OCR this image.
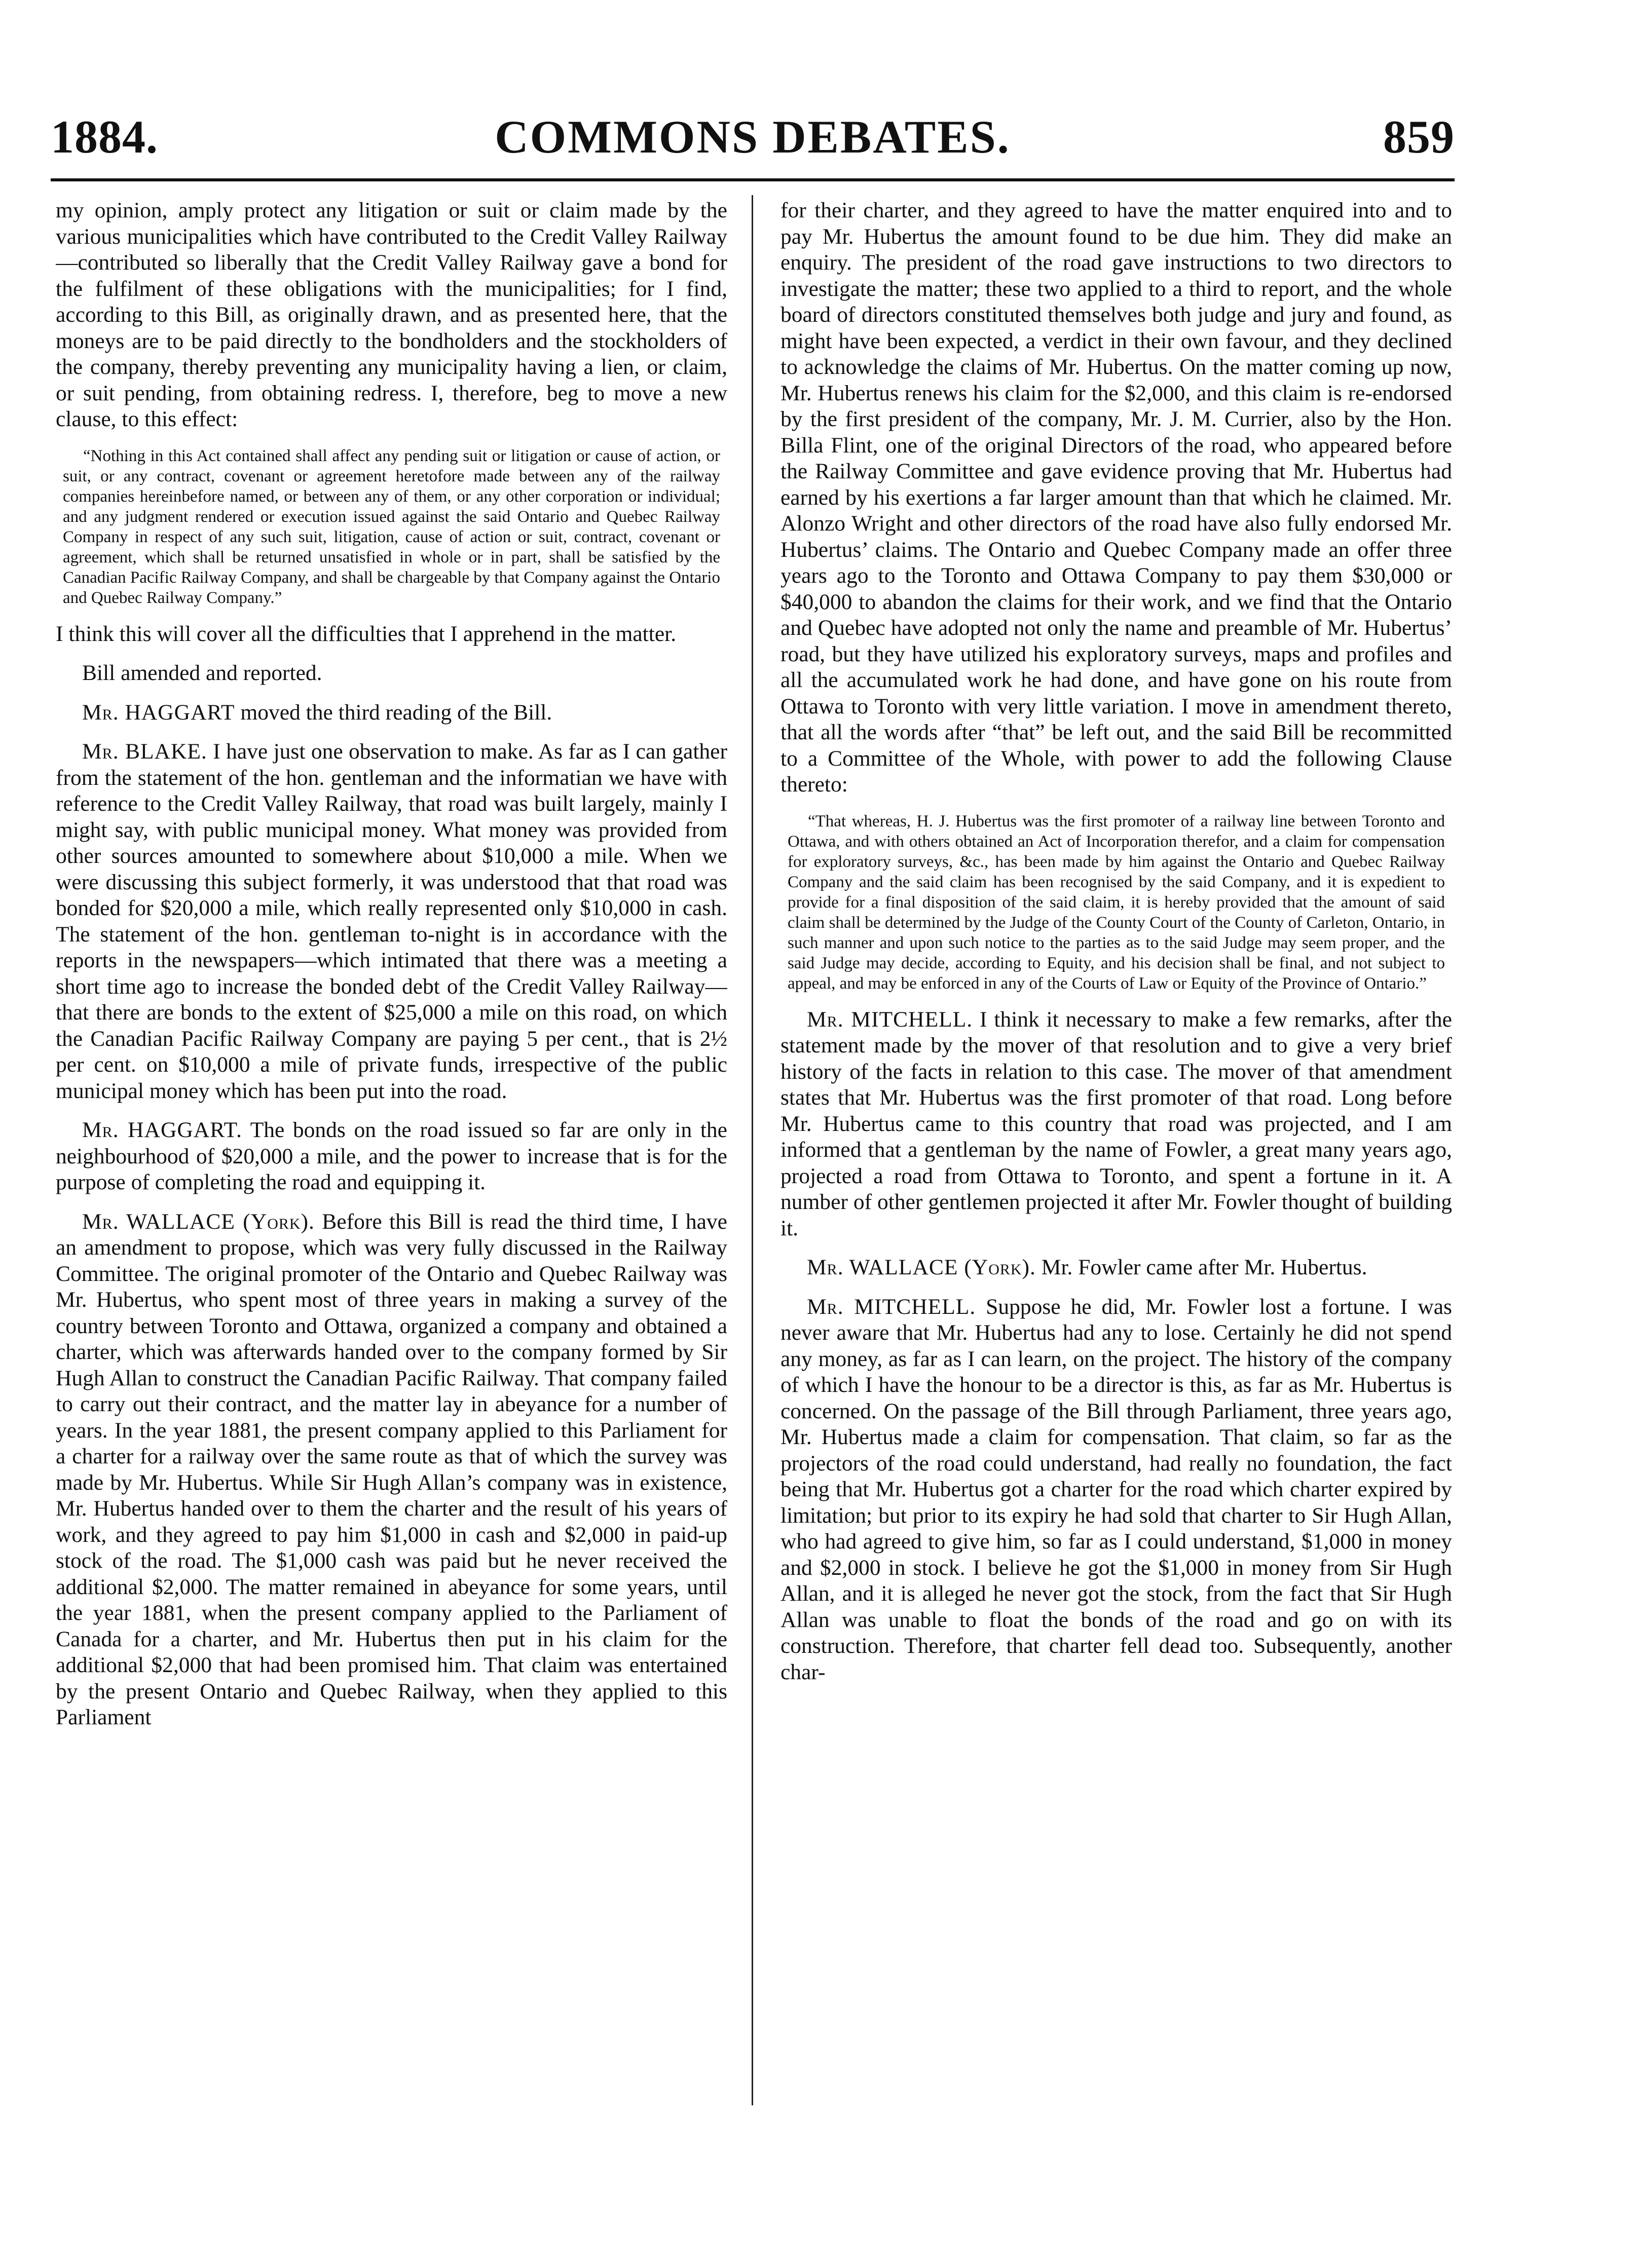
COMMONS DEBATES.
1884.	859

my opinion, amply protect any litigation or suit or claim made by the various municipalities which have contributed to the Credit Valley Railway—contributed so liberally that the Credit Valley Railway gave a bond for the fulfilment of these obligations with the municipalities; for I find, according to this Bill, as originally drawn, and as presented here, that the moneys are to be paid directly to the bondholders and the stockholders of the company, thereby preventing any municipality having a lien, or claim, or suit pending, from obtaining redress. I, therefore, beg to move a new clause, to this effect:

“Nothing in this Act contained shall affect any pending suit or litigation or cause of action, or suit, or any contract, covenant or agreement heretofore made between any of the railway companies hereinbefore named, or between any of them, or any other corporation or individual; and any judgment rendered or execution issued against the said Ontario and Quebec Railway Company in respect of any such suit, litigation, cause of action or suit, contract, covenant or agreement, which shall be returned unsatisfied in whole or in part, shall be satisfied by the Canadian Pacific Railway Company, and shall be chargeable by that Company against the Ontario and Quebec Railway Company.”

I think this will cover all the difficulties that I apprehend in the matter.

Bill amended and reported.

Mr. HAGGART moved the third reading of the Bill.

Mr. BLAKE. I have just one observation to make. As far as I can gather from the statement of the hon. gentleman and the informatian we have with reference to the Credit Valley Railway, that road was built largely, mainly I might say, with public municipal money. What money was provided from other sources amounted to somewhere about $10,000 a mile. When we were discussing this subject formerly, it was understood that that road was bonded for $20,000 a mile, which really represented only $10,000 in cash. The statement of the hon. gentleman to-night is in accordance with the reports in the newspapers—which intimated that there was a meeting a short time ago to increase the bonded debt of the Credit Valley Railway—that there are bonds to the extent of $25,000 a mile on this road, on which the Canadian Pacific Railway Company are paying 5 per cent., that is 2½ per cent. on $10,000 a mile of private funds, irrespective of the public municipal money which has been put into the road.

Mr. HAGGART. The bonds on the road issued so far are only in the neighbourhood of $20,000 a mile, and the power to increase that is for the purpose of completing the road and equipping it.

Mr. WALLACE (York). Before this Bill is read the third time, I have an amendment to propose, which was very fully discussed in the Railway Committee. The original promoter of the Ontario and Quebec Railway was Mr. Hubertus, who spent most of three years in making a survey of the country between Toronto and Ottawa, organized a company and obtained a charter, which was afterwards handed over to the company formed by Sir Hugh Allan to construct the Canadian Pacific Railway. That company failed to carry out their contract, and the matter lay in abeyance for a number of years. In the year 1881, the present company applied to this Parliament for a charter for a railway over the same route as that of which the survey was made by Mr. Hubertus. While Sir Hugh Allan’s company was in existence, Mr. Hubertus handed over to them the charter and the result of his years of work, and they agreed to pay him $1,000 in cash and $2,000 in paid-up stock of the road. The $1,000 cash was paid but he never received the additional $2,000. The matter remained in abeyance for some years, until the year 1881, when the present company applied to the Parliament of Canada for a charter, and Mr. Hubertus then put in his claim for the additional $2,000 that had been promised him. That claim was entertained by the present Ontario and Quebec Railway, when they applied to this Parliament

for their charter, and they agreed to have the matter enquired into and to pay Mr. Hubertus the amount found to be due him. They did make an enquiry. The president of the road gave instructions to two directors to investigate the matter; these two applied to a third to report, and the whole board of directors constituted themselves both judge and jury and found, as might have been expected, a verdict in their own favour, and they declined to acknowledge the claims of Mr. Hubertus. On the matter coming up now, Mr. Hubertus renews his claim for the $2,000, and this claim is re-endorsed by the first president of the company, Mr. J. M. Currier, also by the Hon. Billa Flint, one of the original Directors of the road, who appeared before the Railway Committee and gave evidence proving that Mr. Hubertus had earned by his exertions a far larger amount than that which he claimed. Mr. Alonzo Wright and other directors of the road have also fully endorsed Mr. Hubertus’ claims. The Ontario and Quebec Company made an offer three years ago to the Toronto and Ottawa Company to pay them $30,000 or $40,000 to abandon the claims for their work, and we find that the Ontario and Quebec have adopted not only the name and preamble of Mr. Hubertus’ road, but they have utilized his exploratory surveys, maps and profiles and all the accumulated work he had done, and have gone on his route from Ottawa to Toronto with very little variation. I move in amendment thereto, that all the words after “that” be left out, and the said Bill be recommitted to a Committee of the Whole, with power to add the following Clause thereto:

“That whereas, H. J. Hubertus was the first promoter of a railway line between Toronto and Ottawa, and with others obtained an Act of Incorporation therefor, and a claim for compensation for exploratory surveys, &c., has been made by him against the Ontario and Quebec Railway Company and the said claim has been recognised by the said Company, and it is expedient to provide for a final disposition of the said claim, it is hereby provided that the amount of said claim shall be determined by the Judge of the County Court of the County of Carleton, Ontario, in such manner and upon such notice to the parties as to the said Judge may seem proper, and the said Judge may decide, according to Equity, and his decision shall be final, and not subject to appeal, and may be enforced in any of the Courts of Law or Equity of the Province of Ontario.”

Mr. MITCHELL. I think it necessary to make a few remarks, after the statement made by the mover of that resolution and to give a very brief history of the facts in relation to this case. The mover of that amendment states that Mr. Hubertus was the first promoter of that road. Long before Mr. Hubertus came to this country that road was projected, and I am informed that a gentleman by the name of Fowler, a great many years ago, projected a road from Ottawa to Toronto, and spent a fortune in it. A number of other gentlemen projected it after Mr. Fowler thought of building it.

Mr. WALLACE (York). Mr. Fowler came after Mr. Hubertus.

Mr. MITCHELL. Suppose he did, Mr. Fowler lost a fortune. I was never aware that Mr. Hubertus had any to lose. Certainly he did not spend any money, as far as I can learn, on the project. The history of the company of which I have the honour to be a director is this, as far as Mr. Hubertus is concerned. On the passage of the Bill through Parliament, three years ago, Mr. Hubertus made a claim for compensation. That claim, so far as the projectors of the road could understand, had really no foundation, the fact being that Mr. Hubertus got a charter for the road which charter expired by limitation; but prior to its expiry he had sold that charter to Sir Hugh Allan, who had agreed to give him, so far as I could understand, $1,000 in money and $2,000 in stock. I believe he got the $1,000 in money from Sir Hugh Allan, and it is alleged he never got the stock, from the fact that Sir Hugh Allan was unable to float the bonds of the road and go on with its construction. Therefore, that charter fell dead too. Subsequently, another char-
